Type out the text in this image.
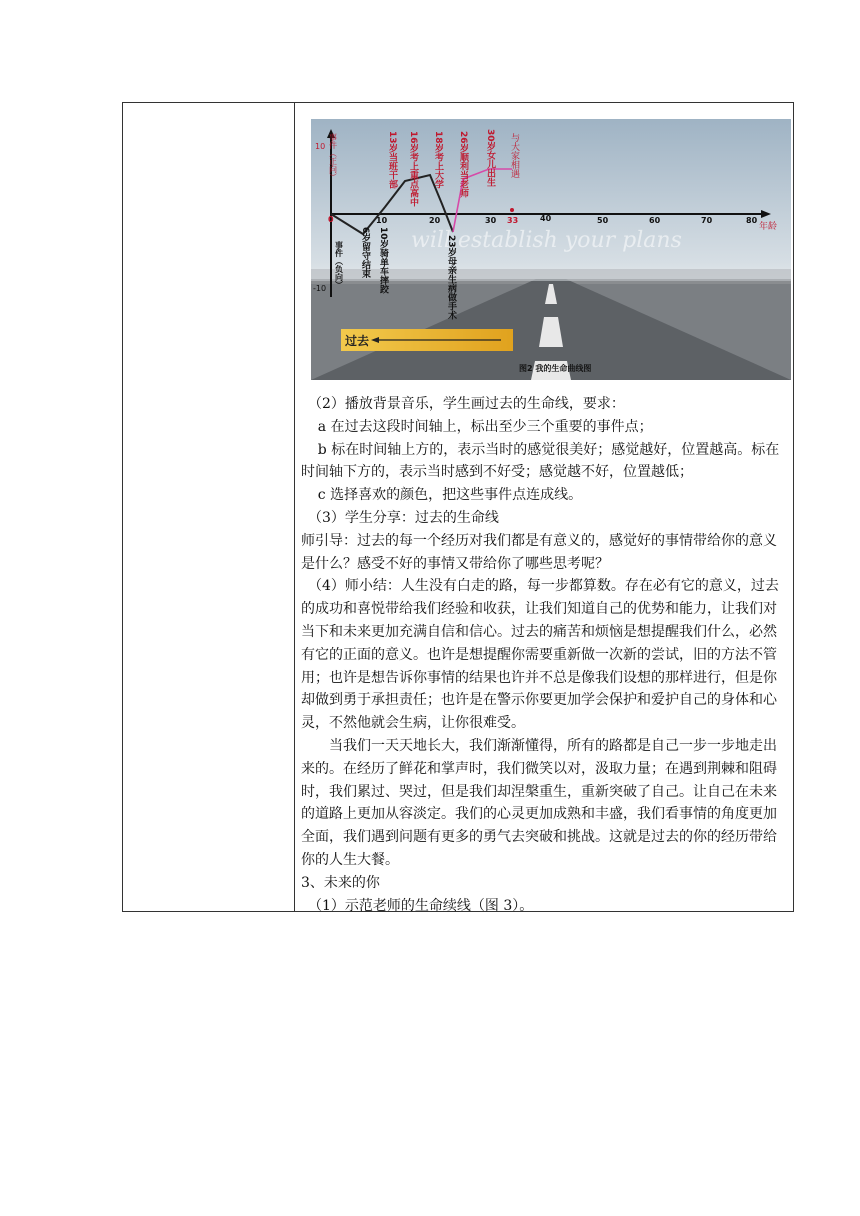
will establish your plans
10
-10
年龄
事件（正向）
事件（负向）
0	10	20	30 33	40	50	60	70	80
13岁当班干部 16岁考上重点高中 18岁考上大学 26岁顺利当老师 30岁女儿出生 与大家相遇
6岁留守结束 10岁骑单车摔跤	23岁母亲生病做手术
过去
图2 我的生命曲线图

（2）播放背景音乐，学生画过去的生命线，要求：

a 在过去这段时间轴上，标出至少三个重要的事件点；

b 标在时间轴上方的，表示当时的感觉很美好；感觉越好，位置越高。标在时间轴下方的，表示当时感到不好受；感觉越不好，位置越低；

c 选择喜欢的颜色，把这些事件点连成线。

（3）学生分享：过去的生命线

师引导：过去的每一个经历对我们都是有意义的，感觉好的事情带给你的意义是什么？感受不好的事情又带给你了哪些思考呢？

（4）师小结：人生没有白走的路，每一步都算数。存在必有它的意义，过去的成功和喜悦带给我们经验和收获，让我们知道自己的优势和能力，让我们对当下和未来更加充满自信和信心。过去的痛苦和烦恼是想提醒我们什么，必然有它的正面的意义。也许是想提醒你需要重新做一次新的尝试，旧的方法不管用；也许是想告诉你事情的结果也许并不总是像我们设想的那样进行，但是你却做到勇于承担责任；也许是在警示你要更加学会保护和爱护自己的身体和心灵，不然他就会生病，让你很难受。

当我们一天天地长大，我们渐渐懂得，所有的路都是自己一步一步地走出来的。在经历了鲜花和掌声时，我们微笑以对，汲取力量；在遇到荆棘和阻碍时，我们累过、哭过，但是我们却涅槃重生，重新突破了自己。让自己在未来的道路上更加从容淡定。我们的心灵更加成熟和丰盛，我们看事情的角度更加全面，我们遇到问题有更多的勇气去突破和挑战。这就是过去的你的经历带给你的人生大餐。

3、未来的你

（1）示范老师的生命续线（图 3）。
